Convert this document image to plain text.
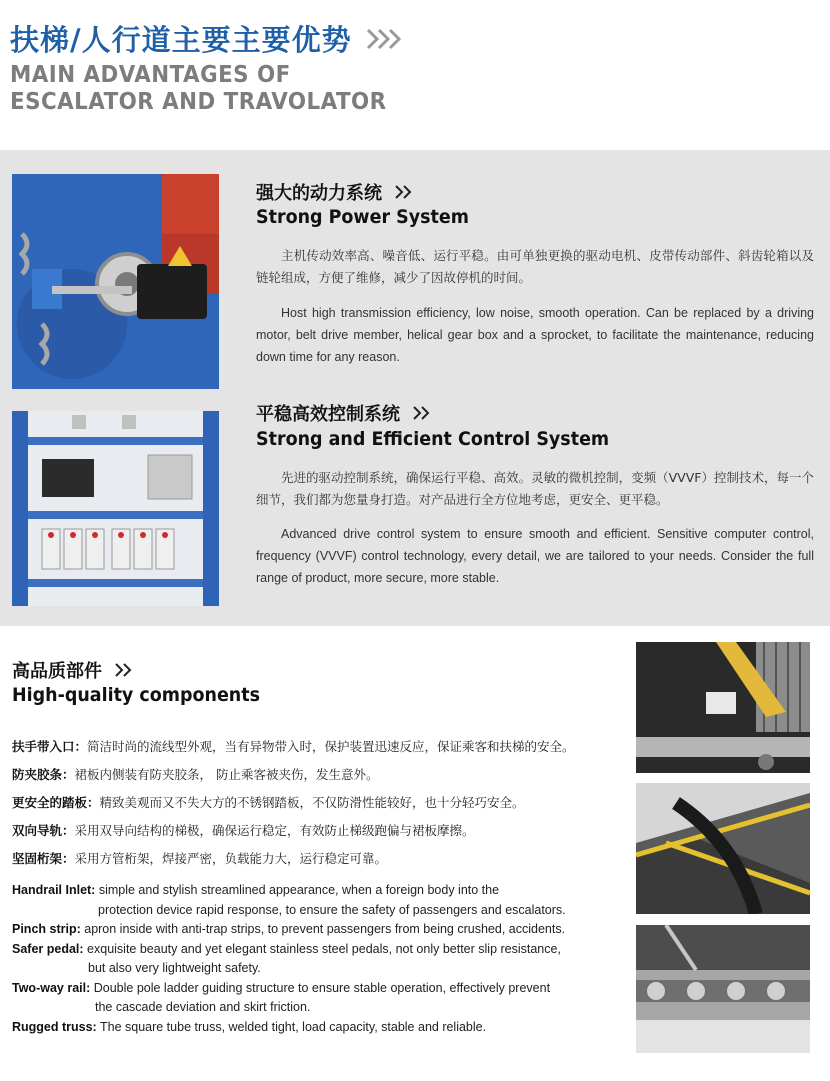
扶梯/人行道主要主要优势
MAIN ADVANTAGES OF
ESCALATOR AND TRAVOLATOR
强大的动力系统
Strong Power System
主机传动效率高、噪音低、运行平稳。由可单独更换的驱动电机、皮带传动部件、斜齿轮箱以及链轮组成，方便了维修，减少了因故停机的时间。
Host high transmission efficiency, low noise, smooth operation. Can be replaced by a driving motor, belt drive member, helical gear box and a sprocket, to facilitate the maintenance, reducing down time for any reason.
平稳高效控制系统
Strong and Efficient Control System
先进的驱动控制系统，确保运行平稳、高效。灵敏的微机控制，变频（VVVF）控制技术，每一个细节，我们都为您量身打造。对产品进行全方位地考虑，更安全、更平稳。
Advanced drive control system to ensure smooth and efficient. Sensitive computer control, frequency (VVVF) control technology, every detail, we are tailored to your needs. Consider the full range of product, more secure, more stable.
高品质部件
High-quality components
扶手带入口：简洁时尚的流线型外观，当有异物带入时，保护装置迅速反应，保证乘客和扶梯的安全。
防夹胶条：裙板内侧装有防夹胶条， 防止乘客被夹伤，发生意外。
更安全的踏板：精致美观而又不失大方的不锈钢踏板，不仅防滑性能较好，也十分轻巧安全。
双向导轨：采用双导向结构的梯极，确保运行稳定，有效防止梯级跑偏与裙板摩擦。
坚固桁架：采用方管桁架，焊接严密，负载能力大，运行稳定可靠。
Handrail Inlet: simple and stylish streamlined appearance, when a foreign body into the
protection device rapid response, to ensure the safety of passengers and escalators.
Pinch strip: apron inside with anti-trap strips, to prevent passengers from being crushed, accidents.
Safer pedal: exquisite beauty and yet elegant stainless steel pedals, not only better slip resistance,
but also very lightweight safety.
Two-way rail: Double pole ladder guiding structure to ensure stable operation, effectively prevent
the cascade deviation and skirt friction.
Rugged truss: The square tube truss, welded tight, load capacity, stable and reliable.
